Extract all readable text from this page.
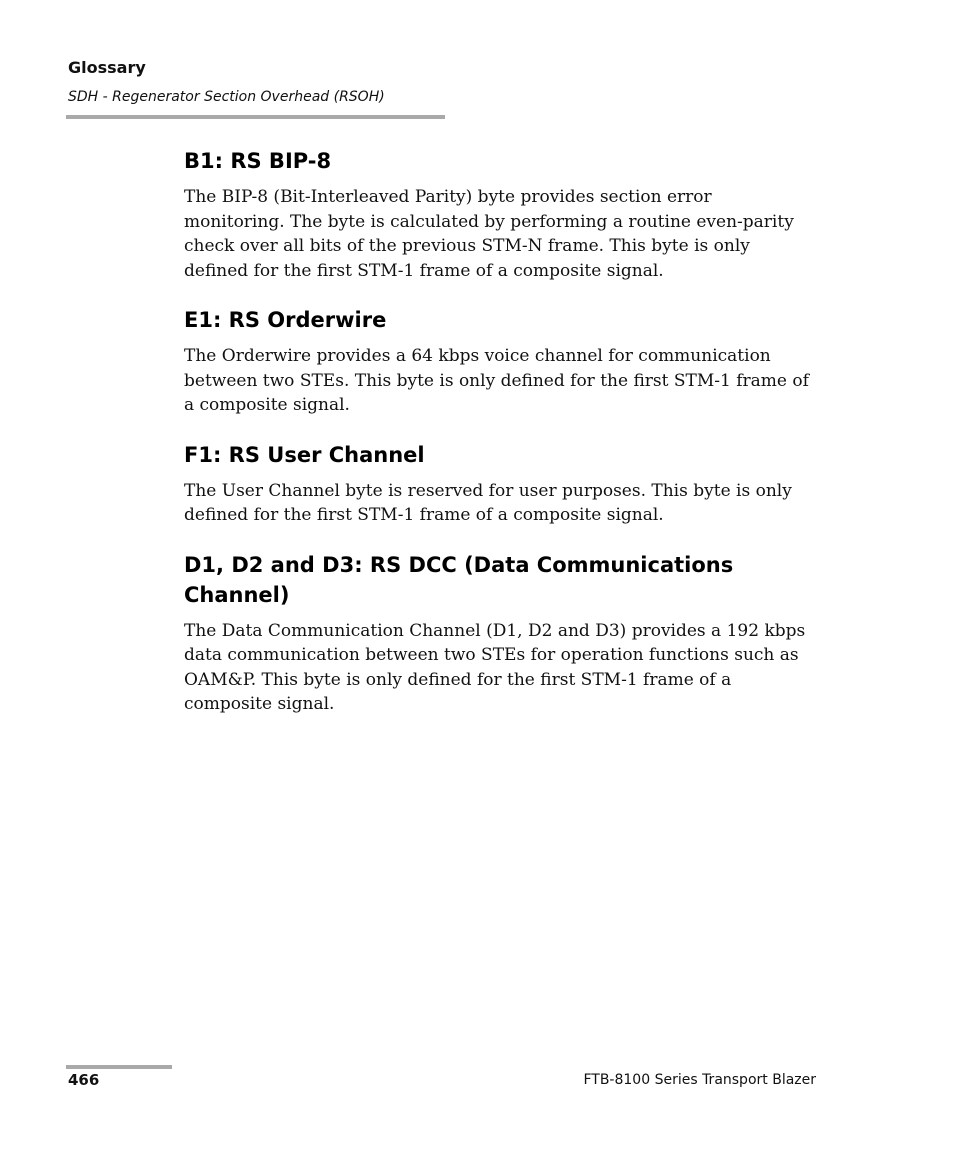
Glossary
SDH - Regenerator Section Overhead (RSOH)
B1: RS BIP-8

The BIP-8 (Bit-Interleaved Parity) byte provides section error monitoring. The byte is calculated by performing a routine even-parity check over all bits of the previous STM-N frame. This byte is only defined for the first STM-1 frame of a composite signal.

E1: RS Orderwire

The Orderwire provides a 64 kbps voice channel for communication between two STEs. This byte is only defined for the first STM-1 frame of a composite signal.

F1: RS User Channel

The User Channel byte is reserved for user purposes. This byte is only defined for the first STM-1 frame of a composite signal.

D1, D2 and D3: RS DCC (Data Communications Channel)

The Data Communication Channel (D1, D2 and D3) provides a 192 kbps data communication between two STEs for operation functions such as OAM&P. This byte is only defined for the first STM-1 frame of a composite signal.

466	FTB-8100 Series Transport Blazer
